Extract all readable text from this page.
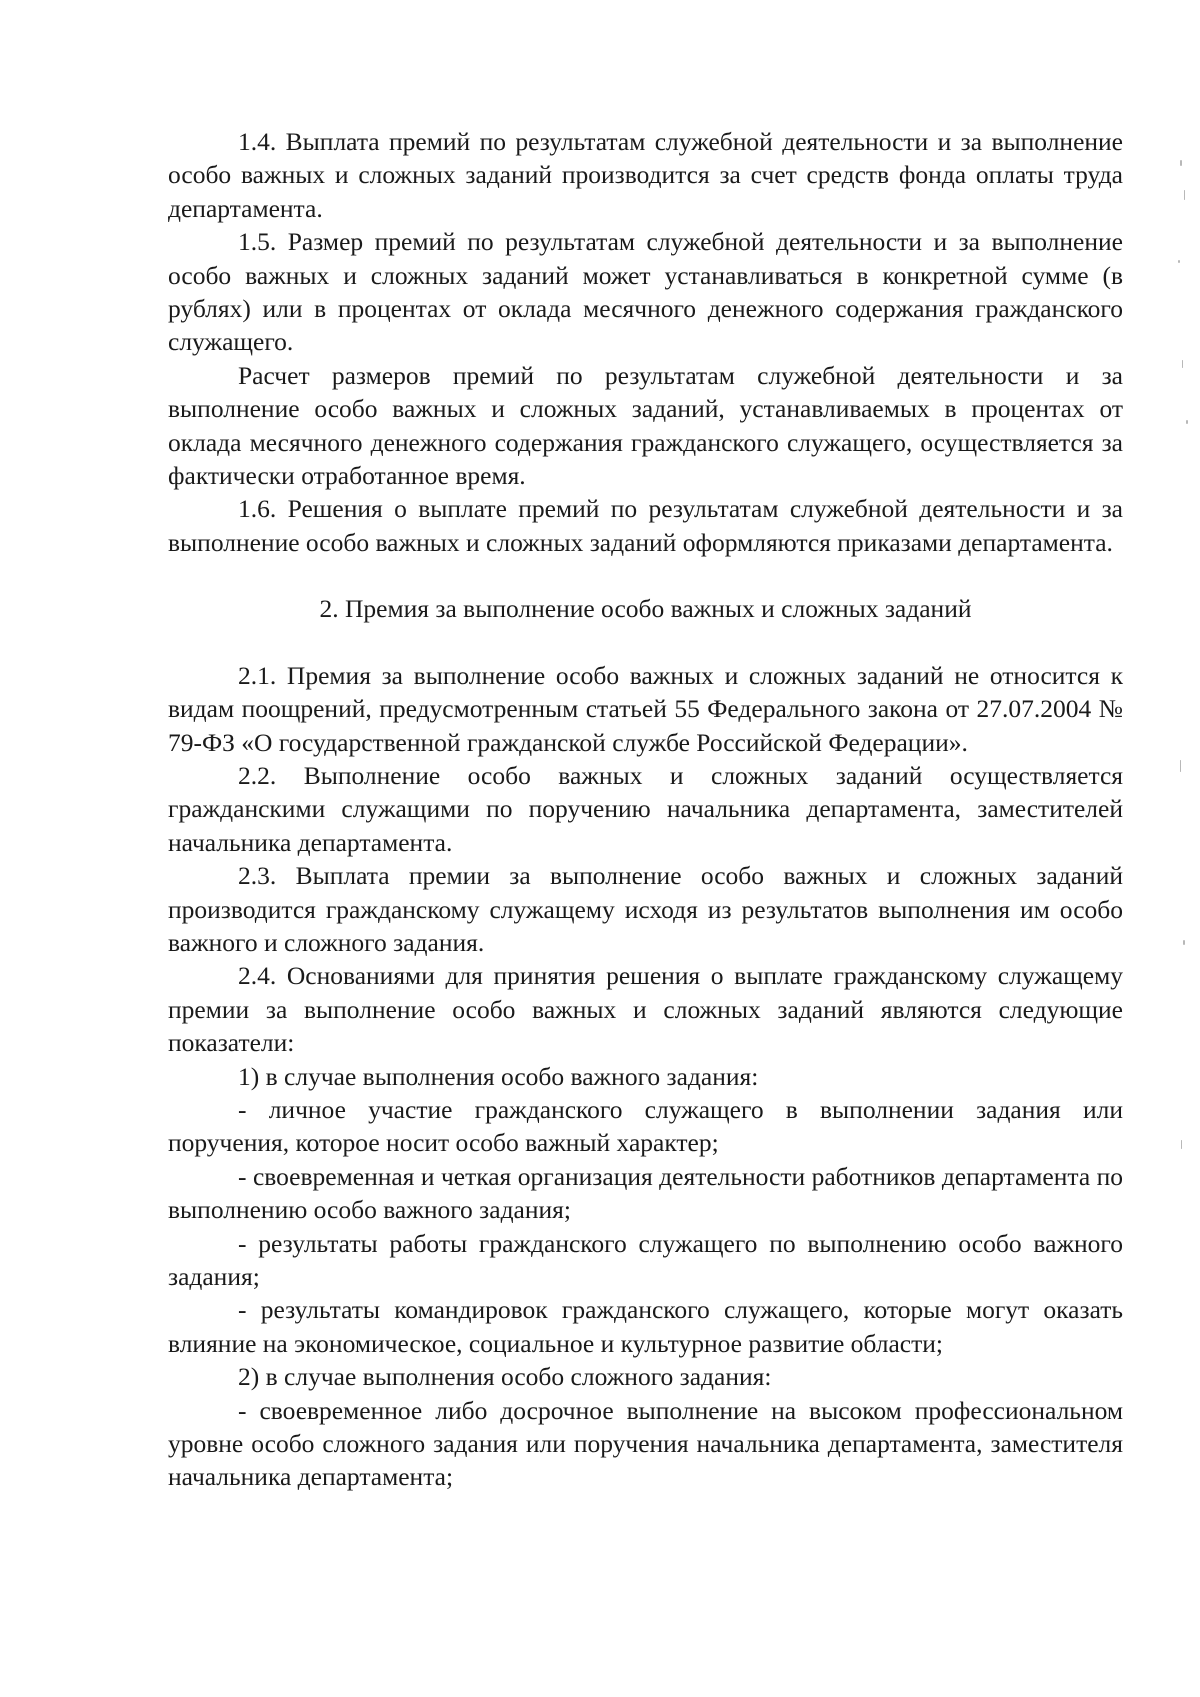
1.4. Выплата премий по результатам служебной деятельности и за выполнение особо важных и сложных заданий производится за счет средств фонда оплаты труда департамента.

1.5. Размер премий по результатам служебной деятельности и за выполнение особо важных и сложных заданий может устанавливаться в конкретной сумме (в рублях) или в процентах от оклада месячного денежного содержания гражданского служащего.

Расчет размеров премий по результатам служебной деятельности и за выполнение особо важных и сложных заданий, устанавливаемых в процентах от оклада месячного денежного содержания гражданского служащего, осуществляется за фактически отработанное время.

1.6. Решения о выплате премий по результатам служебной деятельности и за выполнение особо важных и сложных заданий оформляются приказами департамента.

2. Премия за выполнение особо важных и сложных заданий

2.1. Премия за выполнение особо важных и сложных заданий не относится к видам поощрений, предусмотренным статьей 55 Федерального закона от 27.07.2004 № 79-ФЗ «О государственной гражданской службе Российской Федерации».

2.2. Выполнение особо важных и сложных заданий осуществляется гражданскими служащими по поручению начальника департамента, заместителей начальника департамента.

2.3. Выплата премии за выполнение особо важных и сложных заданий производится гражданскому служащему исходя из результатов выполнения им особо важного и сложного задания.

2.4. Основаниями для принятия решения о выплате гражданскому служащему премии за выполнение особо важных и сложных заданий являются следующие показатели:

1) в случае выполнения особо важного задания:

- личное участие гражданского служащего в выполнении задания или поручения, которое носит особо важный характер;

- своевременная и четкая организация деятельности работников департамента по выполнению особо важного задания;

- результаты работы гражданского служащего по выполнению особо важного задания;

- результаты командировок гражданского служащего, которые могут оказать влияние на экономическое, социальное и культурное развитие области;

2) в случае выполнения особо сложного задания:

- своевременное либо досрочное выполнение на высоком профессиональном уровне особо сложного задания или поручения начальника департамента, заместителя начальника департамента;
